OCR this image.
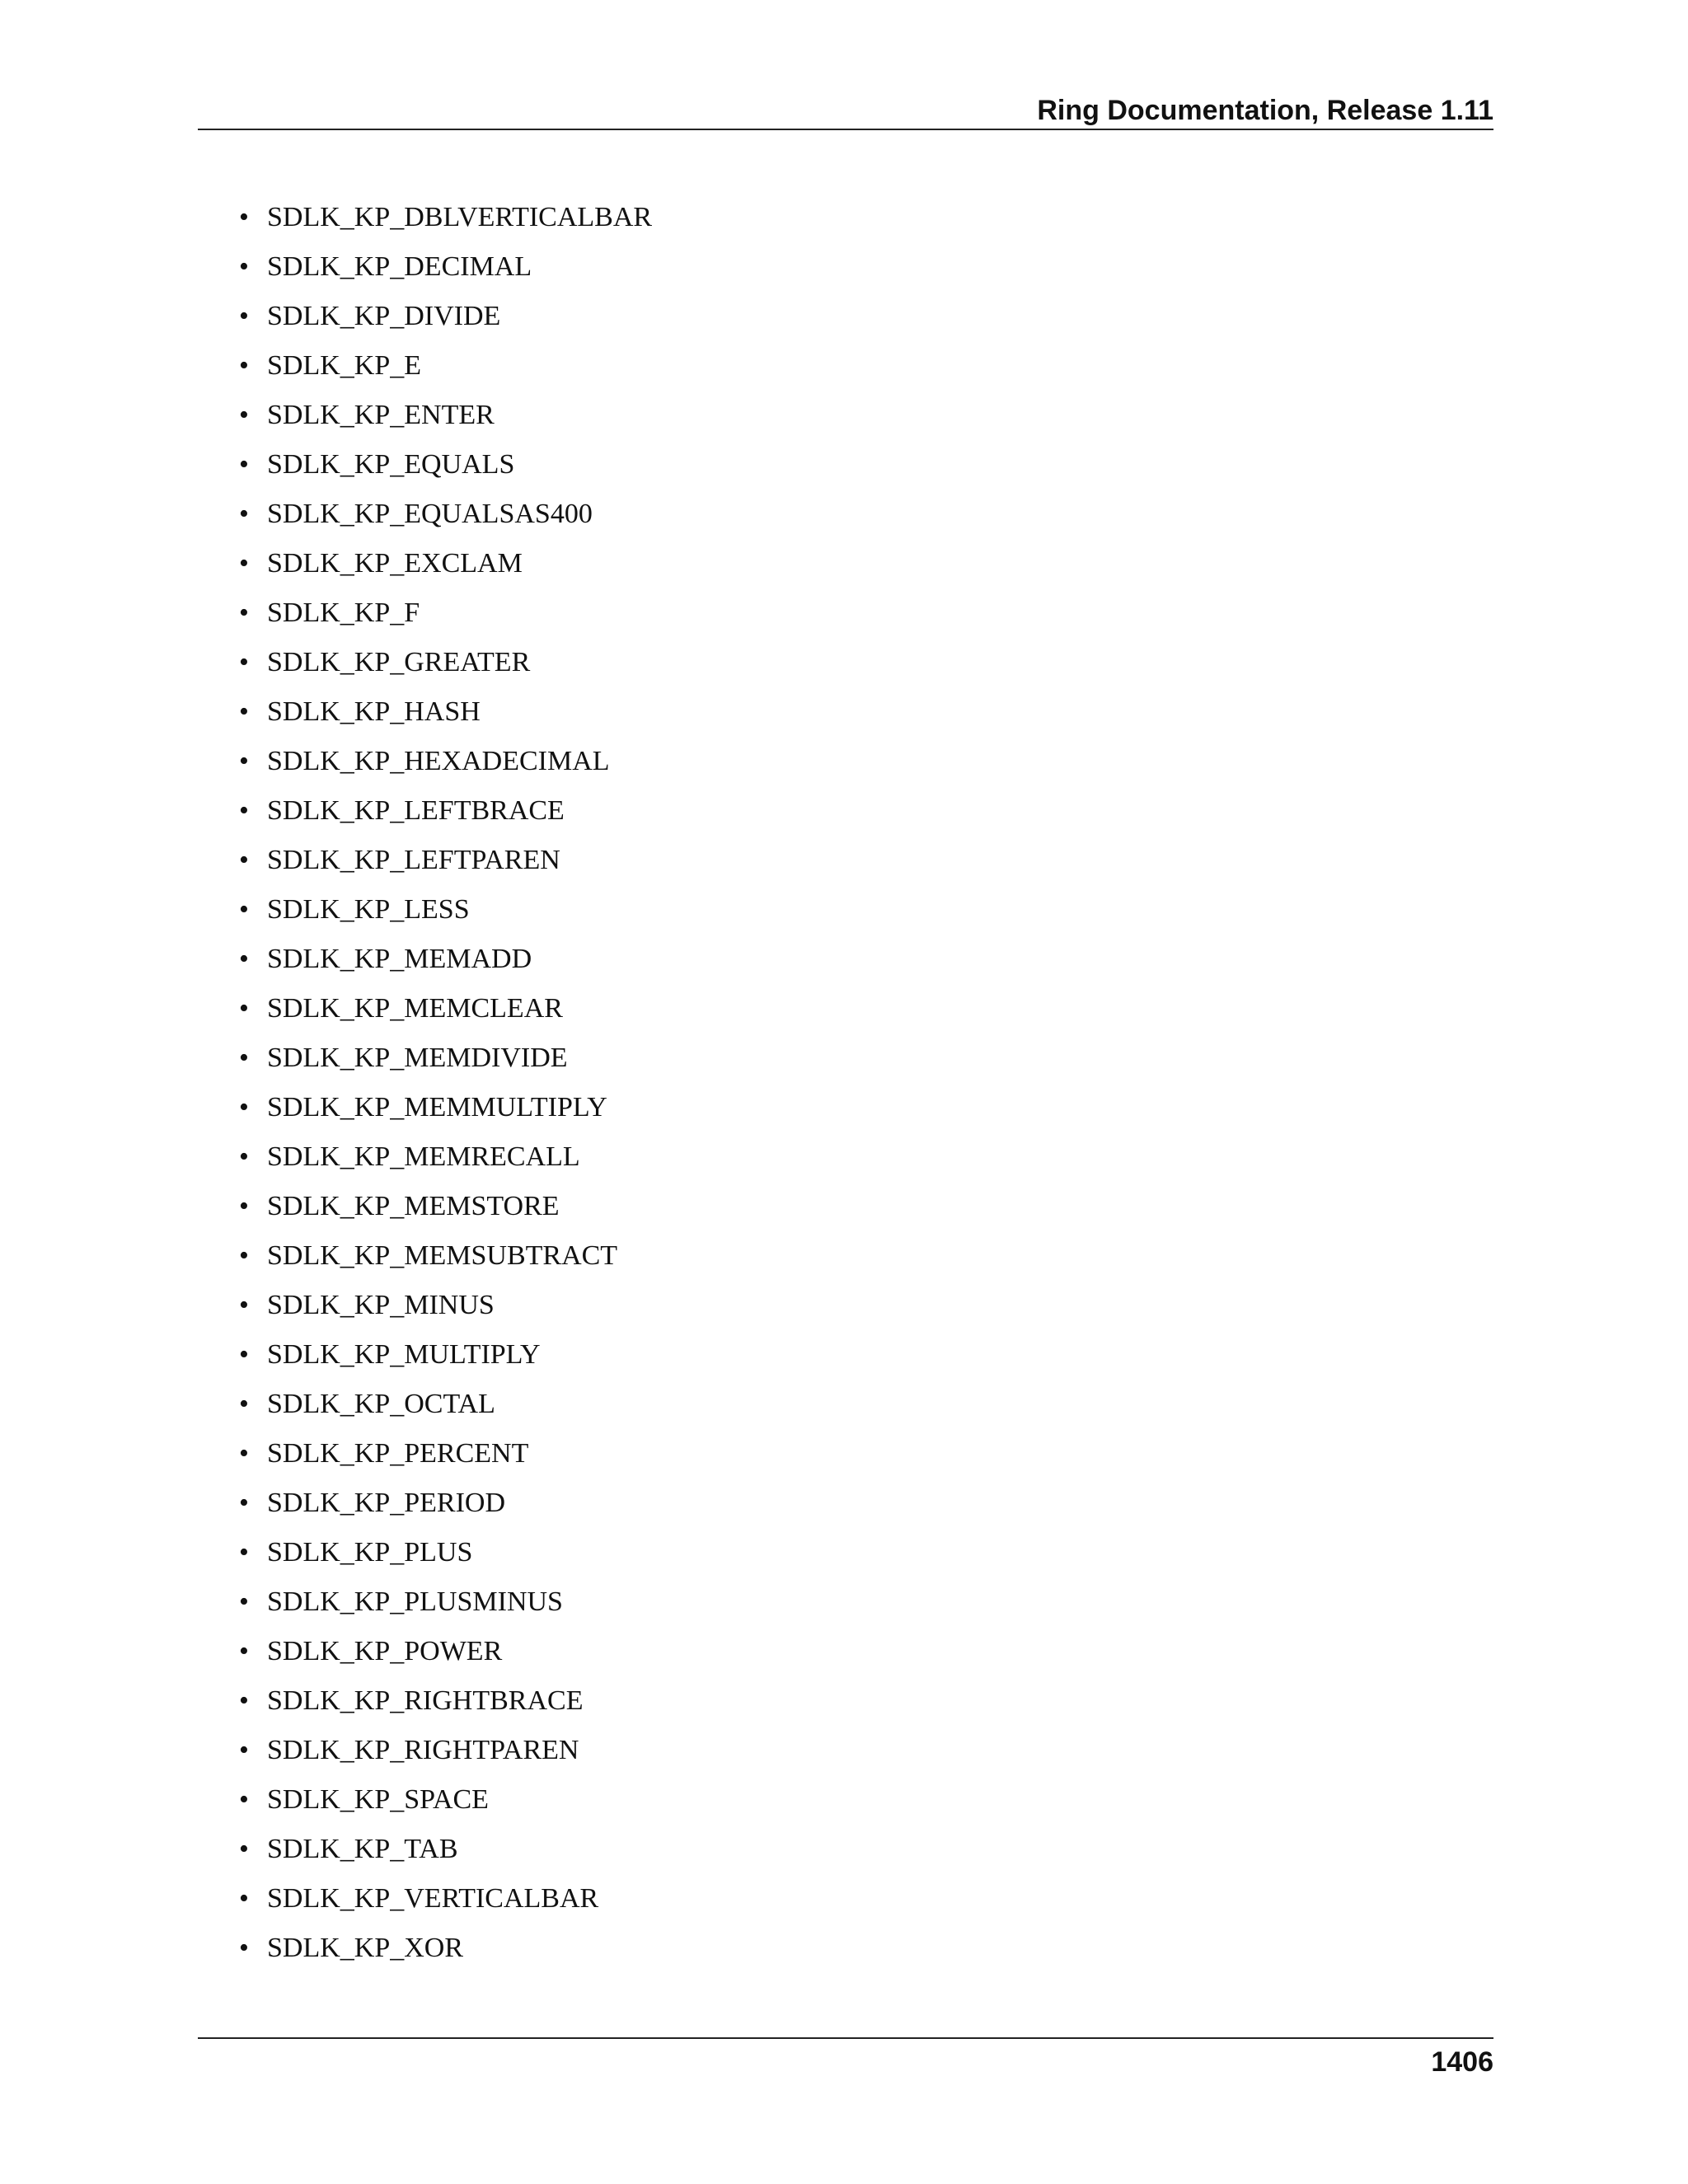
Ring Documentation, Release 1.11
• SDLK_KP_DBLVERTICALBAR
• SDLK_KP_DECIMAL
• SDLK_KP_DIVIDE
• SDLK_KP_E
• SDLK_KP_ENTER
• SDLK_KP_EQUALS
• SDLK_KP_EQUALSAS400
• SDLK_KP_EXCLAM
• SDLK_KP_F
• SDLK_KP_GREATER
• SDLK_KP_HASH
• SDLK_KP_HEXADECIMAL
• SDLK_KP_LEFTBRACE
• SDLK_KP_LEFTPAREN
• SDLK_KP_LESS
• SDLK_KP_MEMADD
• SDLK_KP_MEMCLEAR
• SDLK_KP_MEMDIVIDE
• SDLK_KP_MEMMULTIPLY
• SDLK_KP_MEMRECALL
• SDLK_KP_MEMSTORE
• SDLK_KP_MEMSUBTRACT
• SDLK_KP_MINUS
• SDLK_KP_MULTIPLY
• SDLK_KP_OCTAL
• SDLK_KP_PERCENT
• SDLK_KP_PERIOD
• SDLK_KP_PLUS
• SDLK_KP_PLUSMINUS
• SDLK_KP_POWER
• SDLK_KP_RIGHTBRACE
• SDLK_KP_RIGHTPAREN
• SDLK_KP_SPACE
• SDLK_KP_TAB
• SDLK_KP_VERTICALBAR
• SDLK_KP_XOR
1406
